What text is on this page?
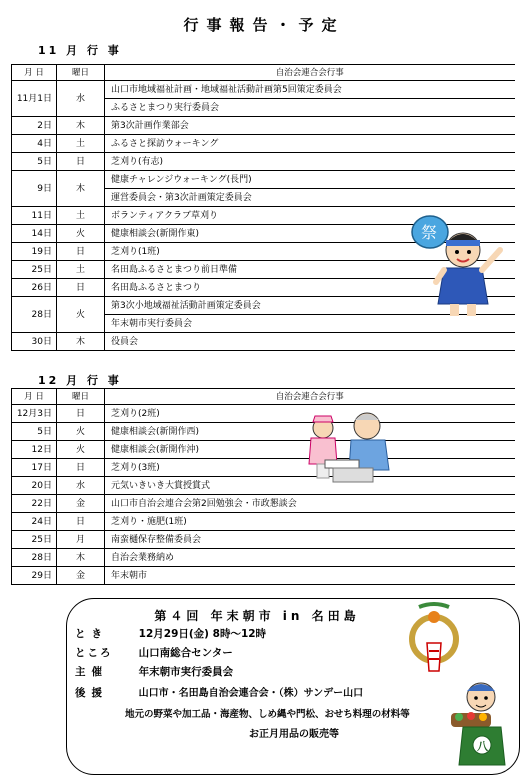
行事報告・予定
11 月 行 事
月 日	曜日	自治会連合会行事	
11月1日	水	山口市地域福祉計画・地域福祉活動計画第5回策定委員会	
		ふるさとまつり実行委員会	
2日	木	第3次計画作業部会	
4日	土	ふるさと探訪ウォーキング	
5日	日	芝刈り(有志)	
9日	木	健康チャレンジウォーキング(長門)	
		運営委員会・第3次計画策定委員会	
11日	土	ボランティアクラブ草刈り	
14日	火	健康相談会(新開作東)	
19日	日	芝刈り(1班)	
25日	土	名田島ふるさとまつり前日準備	
26日	日	名田島ふるさとまつり	
28日	火	第3次小地域福祉活動計画策定委員会	
		年末朝市実行委員会	
30日	木	役員会	
12 月 行 事
月 日	曜日	自治会連合会行事	
12月3日	日	芝刈り(2班)	
5日	火	健康相談会(新開作西)	
12日	火	健康相談会(新開作沖)	
17日	日	芝刈り(3班)	
20日	水	元気いきいき大賞授賞式	
22日	金	山口市自治会連合会第2回勉強会・市政懇談会	
24日	日	芝刈り・施肥(1班)	
25日	月	南蛮樋保存整備委員会	
28日	木	自治会業務納め	
29日	金	年末朝市	
祭
第４回 年末朝市 in 名田島
とき	12月29日(金) 8時〜12時
ところ 山口南総合センター
主催	年末朝市実行委員会
後援	山口市・名田島自治会連合会・（株）サンデー山口
地元の野菜や加工品・海産物、しめ縄や門松、おせち料理の材料等
お正月用品の販売等
八
